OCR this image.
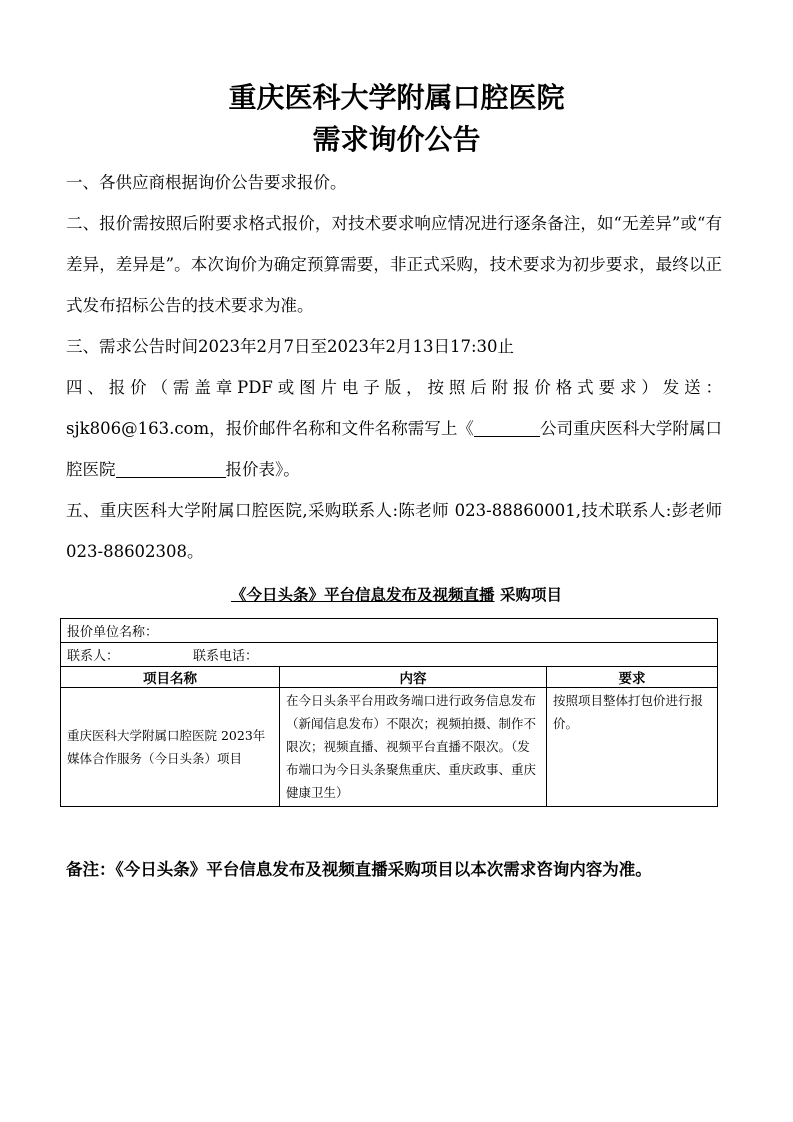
重庆医科大学附属口腔医院
需求询价公告
一、各供应商根据询价公告要求报价。
二、报价需按照后附要求格式报价，对技术要求响应情况进行逐条备注，如“无差异”或“有差异，差异是”。本次询价为确定预算需要，非正式采购，技术要求为初步要求，最终以正式发布招标公告的技术要求为准。
三、需求公告时间2023年2月7日至2023年2月13日17:30止
四、报价（需盖章PDF或图片电子版，按照后附报价格式要求）发送：sjk806@163.com，报价邮件名称和文件名称需写上《	公司重庆医科大学附属口腔医院	报价表》。
五、重庆医科大学附属口腔医院,采购联系人:陈老师 023-88860001,技术联系人:彭老师 023-88602308。
《今日头条》平台信息发布及视频直播 采购项目
报价单位名称：		
联系人： 联系电话：		
项目名称	内容	要求
重庆医科大学附属口腔医院 2023年媒体合作服务（今日头条）项目	在今日头条平台用政务端口进行政务信息发布（新闻信息发布）不限次；视频拍摄、制作不限次；视频直播、视频平台直播不限次。（发布端口为今日头条聚焦重庆、重庆政事、重庆健康卫生）	按照项目整体打包价进行报价。
备注：《今日头条》平台信息发布及视频直播采购项目以本次需求咨询内容为准。
